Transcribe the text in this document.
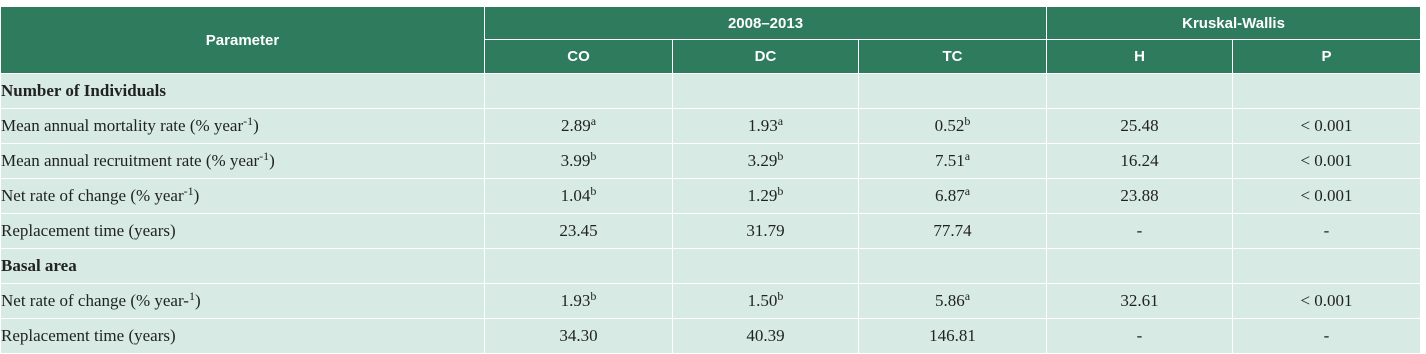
Parameter	2008–2013			Kruskal-Wallis	
	CO	DC	TC	H	P
Number of Individuals					
Mean annual mortality rate (% year$^{-1}$)	2.89$^a$	1.93$^a$	0.52$^b$	25.48	< 0.001
Mean annual recruitment rate (% year$^{-1}$)	3.99$^b$	3.29$^b$	7.51$^a$	16.24	< 0.001
Net rate of change (% year$^{-1}$)	1.04$^b$	1.29$^b$	6.87$^a$	23.88	< 0.001
Replacement time (years)	23.45	31.79	77.74	-	-
Basal area					
Net rate of change (% year-$^1$)	1.93$^b$	1.50$^b$	5.86$^a$	32.61	< 0.001
Replacement time (years)	34.30	40.39	146.81	-	-
